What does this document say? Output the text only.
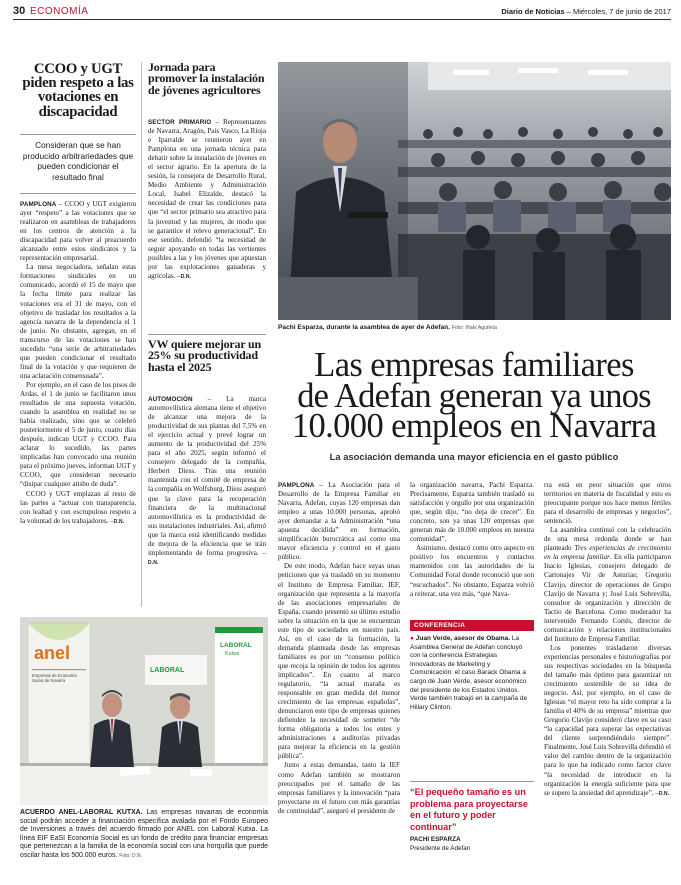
30 ECONOMÍA	Diario de Noticias – Miércoles, 7 de junio de 2017
CCOO y UGT piden respeto a las votaciones en discapacidad
Consideran que se han producido arbitrariedades que pueden condicionar el resultado final

PAMPLONA – CCOO y UGT exigieron ayer “respeto” a las votaciones que se realizaron en asambleas de trabajadores en los centros de atención a la discapacidad para volver al preacuerdo alcanzado entre estos sindicatos y la representación empresarial.

La mesa negociadora, señalan estas formaciones sindicales en un comunicado, acordó el 15 de mayo que la fecha límite para realizar las votaciones era el 31 de mayo, con el objetivo de trasladar los resultados a la agencia navarra de la dependencia el 1 de junio. No obstante, agregan, en el transcurso de las votaciones se han sucedido “una serie de arbitrariedades que pueden condicionar el resultado final de la votación y que requieren de una aclaración consensuada”.

Por ejemplo, en el caso de los pisos de Ardas, el 1 de junio se facilitaron unos resultados de una supuesta votación, cuando la asamblea en realidad no se había realizado, sino que se celebró posteriormente el 5 de junio, cuatro días después, indican UGT y CCOO. Para aclarar lo sucedido, las partes implicadas han convocado una reunión para el próximo jueves, informan UGT y CCOO, que consideran necesario “disipar cualquier atisbo de duda”.

CCOO y UGT emplazan al resto de las partes a “actuar con transparencia, con lealtad y con escrupuloso respeto a la voluntad de los trabajadores. –D.N.

Jornada para promover la instalación de jóvenes agricultores

SECTOR PRIMARIO – Representantes de Navarra, Aragón, País Vasco, La Rioja e Iparralde se reunieron ayer en Pamplona en una jornada técnica para debatir sobre la instalación de jóvenes en el sector agrario. En la apertura de la sesión, la consejera de Desarrollo Rural, Medio Ambiente y Administración Local, Isabel Elizalde, destacó la necesidad de crear las condiciones para que “el sector primario sea atractivo para la juventud y las mujeres, de modo que se garantice el relevo generacional”. En ese sentido, defendió “la necesidad de seguir apoyando en todas las vertientes posibles a las y los jóvenes que apuestan por las explotaciones ganaderas y agrícolas. –D.N.

VW quiere mejorar un 25% su productividad hasta el 2025

AUTOMOCIÓN – La marca automovilística alemana tiene el objetivo de alcanzar una mejora de la productividad de sus plantas del 7,5% en el ejercicio actual y prevé lograr un aumento de la productividad del 25% para el año 2025, según informó el consejero delegado de la compañía, Herbert Diess. Tras una reunión mantenida con el comité de empresa de la compañía en Wolfsburg, Diess aseguró que la clave para la recuperación financiera de la multinacional automovilística es la productividad de sus instalaciones industriales. Así, afirmó que la marca está identificando medidas de mejora de la eficiencia que se irán implementando de forma progresiva. –D.N.

Pachi Esparza, durante la asamblea de ayer de Adefan. Foto: Iñaki Aguileta
Las empresas familiares
de Adefan generan ya unos
10.000 empleos en Navarra
La asociación demanda una mayor eficiencia en el gasto público

PAMPLONA – La Asociación para el Desarrollo de la Empresa Familiar en Navarra, Adefan, cuyas 120 empresas dan empleo a unas 10.000 personas, aprobó ayer demandar a la Administración “una apuesta decidida” en formación, simplificación burocrática así como una mayor eficiencia y control en el gasto público.

De este modo, Adefan hace suyas unas peticiones que ya trasladó en su momento el Instituto de Empresa Familiar, IEF, organización que representa a la mayoría de las asociaciones empresariales de España, cuando presentó su último estudio sobre la situación en la que se encuentran este tipo de sociedades en nuestro país. Así, en el caso de la formación, la demanda planteada desde las empresas familiares es por un “consenso político que recoja la opinión de todos los agentes implicados”. En cuanto al marco regulatorio, “la actual maraña es responsable en gran medida del menor crecimiento de las empresas españolas”, denunciaron este tipo de empresas quienes defienden la necesidad de someter “de forma obligatoria a todos los entes y administraciones a auditorías privadas para mejorar la eficiencia en la gestión pública”.

Junto a estas demandas, tanto la IEF como Adefan también se mostraron preocupados por el tamaño de las empresas familiares y la innovación “para proyectarse en el futuro con más garantías de continuidad”, aseguró el presidente de

la organización navarra, Pachi Esparza. Precisamente, Esparza también trasladó su satisfacción y orgullo por una organización que, según dijo, “no deja de crecer”. En concreto, son ya unas 120 empresas que generan más de 10.000 empleos en nuestra comunidad”.

Asimismo, destacó como otro aspecto en positivo los encuentros y contactos mantenidos con las autoridades de la Comunidad Foral donde reconoció que son “escuchados”. No obstante, Esparza volvió a reiterar, una vez más, “que Nava-

CONFERENCIA
● Juan Verde, asesor de Obama. La Asamblea General de Adefan concluyó con la conferencia Estrategias Innovadoras de Marketing y Comunicación: el caso Barack Obama a cargo de Juan Verde, asesor económico del presidente de los Estados Unidos. Verde también trabajó en la campaña de Hillary Clinton.
“El pequeño tamaño es un problema para proyectarse en el futuro y poder continuar”
PACHI ESPARZA
Presidente de Adefan

rra está en peor situación que otros territorios en materia de fiscalidad y esto es preocupante porque nos hace menos fértiles para el desarrollo de empresas y negocios”, sentenció.

La asamblea continuó con la celebración de una mesa redonda donde se han planteado Tres experiencias de crecimiento en la empresa familiar. En ella participaron Inacio Iglesias, consejero delegado de Cartonajes Vir de Asturias; Gregorio Clavijo, director de operaciones de Grupo Clavijo de Navarra y; José Luis Sobrevilla, consultor de organización y dirección de Tactio de Barcelona. Como moderador ha intervenido Fernando Cortés, director de comunicación y relaciones institucionales del Instituto de Empresa Familiar.

Los ponentes trasladaron diversas experiencias personales e historiografías por sus respectivas sociedades en la búsqueda del tamaño más óptimo para garantizar un crecimiento sostenible de su idea de negocio. Así, por ejemplo, en el caso de Iglesias “el mayor reto ha sido comprar a la familia el 40% de su empresa” mientras que Gregorio Clavijo consideró clave en su caso “la capacidad para superar las expectativas del cliente sorprendiéndolo siempre”. Finalmente, José Luis Sobrevilla defendió el valor del cambio dentro de la organización para lo que ha indicado como factor clave “la necesidad de introducir en la organización la energía suficiente para que se supere la ansiedad del aprendizaje”. –D.N.

anel
Empresas de Economía Social de Navarra
LABORAL
Kutxa
LABORAL
ACUERDO ANEL-LABORAL KUTXA. Las empresas navarras de economía social podrán acceder a financiación específica avalada por el Fondo Europeo de Inversiones a través del acuerdo firmado por ANEL con Laboral Kutxa. La línea EIF EaSI Economía Social es un fondo de crédito para financiar empresas que pertenezcan a la familia de la economía social con una horquilla que puede oscilar hasta los 500.000 euros. Foto: D.N.
